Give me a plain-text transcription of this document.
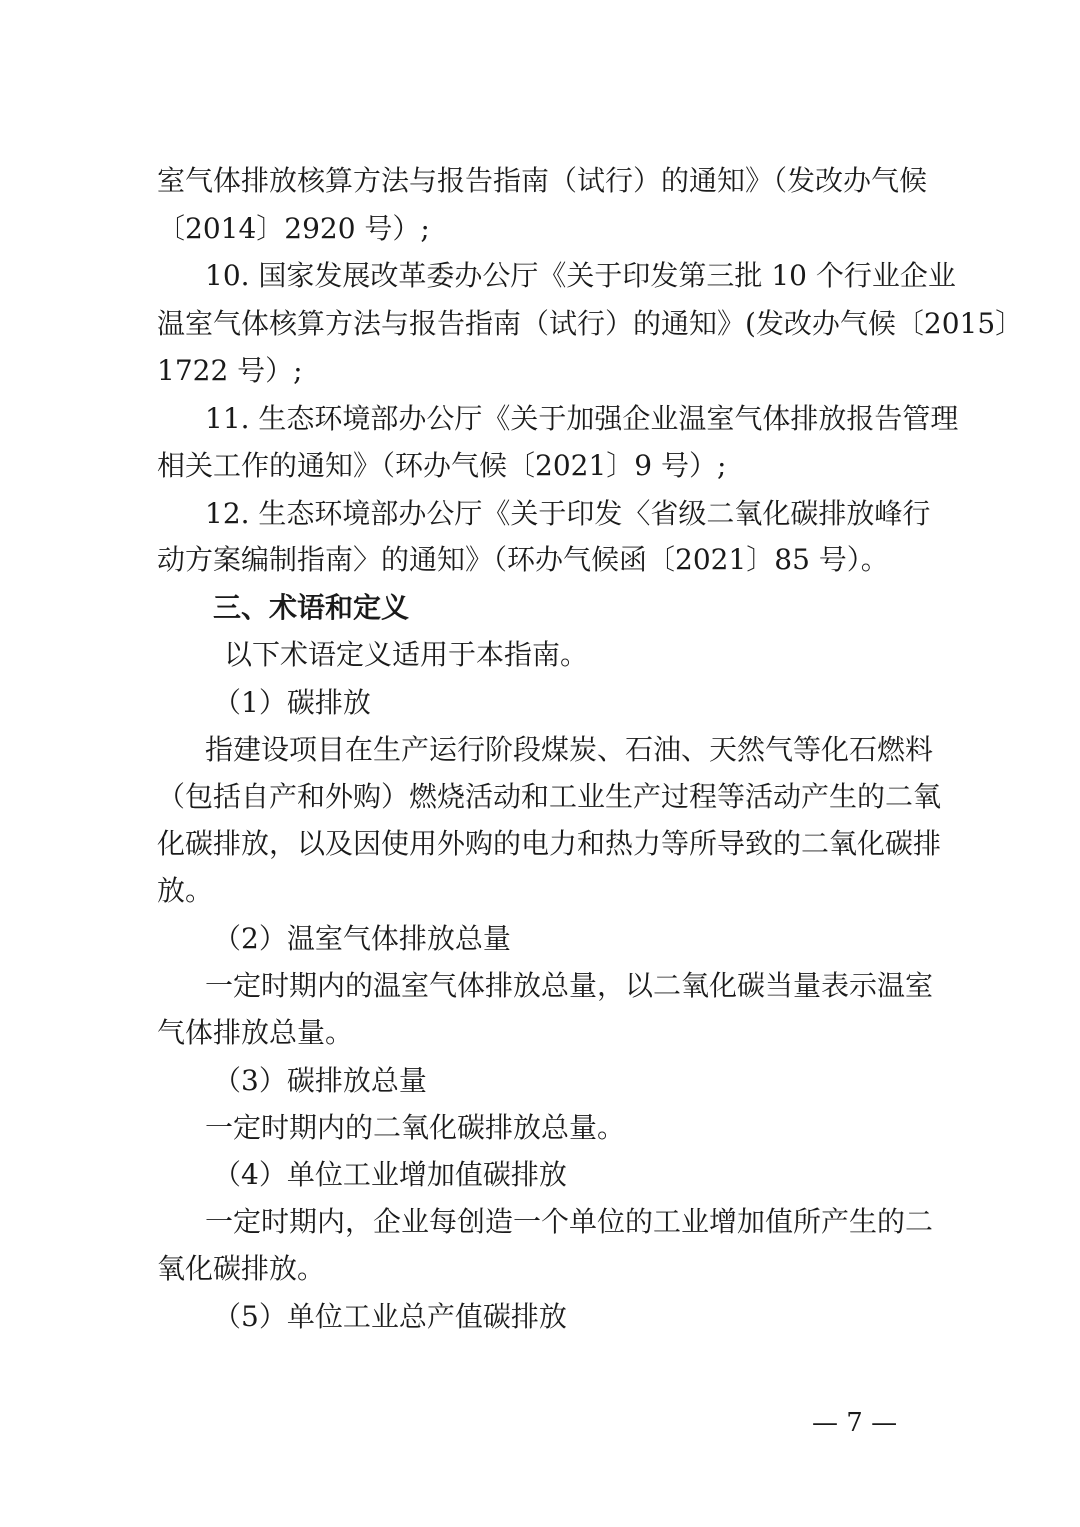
室气体排放核算方法与报告指南（试行）的通知》（发改办气候
〔2014〕2920 号）;
10. 国家发展改革委办公厅《关于印发第三批 10 个行业企业
温室气体核算方法与报告指南（试行）的通知》(发改办气候〔2015〕
1722 号）;
11. 生态环境部办公厅《关于加强企业温室气体排放报告管理
相关工作的通知》（环办气候〔2021〕9 号）;
12. 生态环境部办公厅《关于印发〈省级二氧化碳排放峰行
动方案编制指南〉的通知》（环办气候函〔2021〕85 号）。
三、术语和定义
以下术语定义适用于本指南。
（1）碳排放
指建设项目在生产运行阶段煤炭、石油、天然气等化石燃料
（包括自产和外购）燃烧活动和工业生产过程等活动产生的二氧
化碳排放，以及因使用外购的电力和热力等所导致的二氧化碳排
放。
（2）温室气体排放总量
一定时期内的温室气体排放总量，以二氧化碳当量表示温室
气体排放总量。
（3）碳排放总量
一定时期内的二氧化碳排放总量。
（4）单位工业增加值碳排放
一定时期内，企业每创造一个单位的工业增加值所产生的二
氧化碳排放。
（5）单位工业总产值碳排放
— 7 —
